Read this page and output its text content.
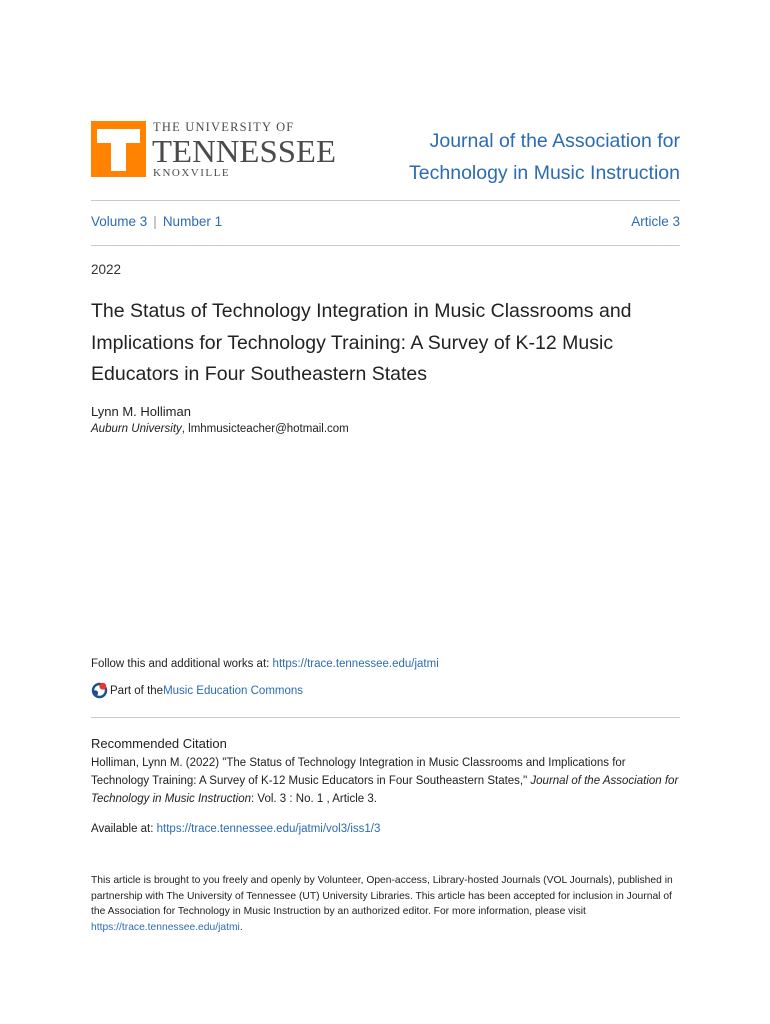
THE UNIVERSITY OF
TENNESSEE
KNOXVILLE
Journal of the Association for
Technology in Music Instruction
Volume 3 | Number 1	Article 3
2022
The Status of Technology Integration in Music Classrooms and Implications for Technology Training: A Survey of K-12 Music Educators in Four Southeastern States
Lynn M. Holliman
Auburn University, lmhmusicteacher@hotmail.com
Follow this and additional works at: https://trace.tennessee.edu/jatmi
Part of the Music Education Commons
Recommended Citation
Holliman, Lynn M. (2022) "The Status of Technology Integration in Music Classrooms and Implications for Technology Training: A Survey of K-12 Music Educators in Four Southeastern States," Journal of the Association for Technology in Music Instruction: Vol. 3 : No. 1 , Article 3.
Available at: https://trace.tennessee.edu/jatmi/vol3/iss1/3
This article is brought to you freely and openly by Volunteer, Open-access, Library-hosted Journals (VOL Journals), published in partnership with The University of Tennessee (UT) University Libraries. This article has been accepted for inclusion in Journal of the Association for Technology in Music Instruction by an authorized editor. For more information, please visit https://trace.tennessee.edu/jatmi.
